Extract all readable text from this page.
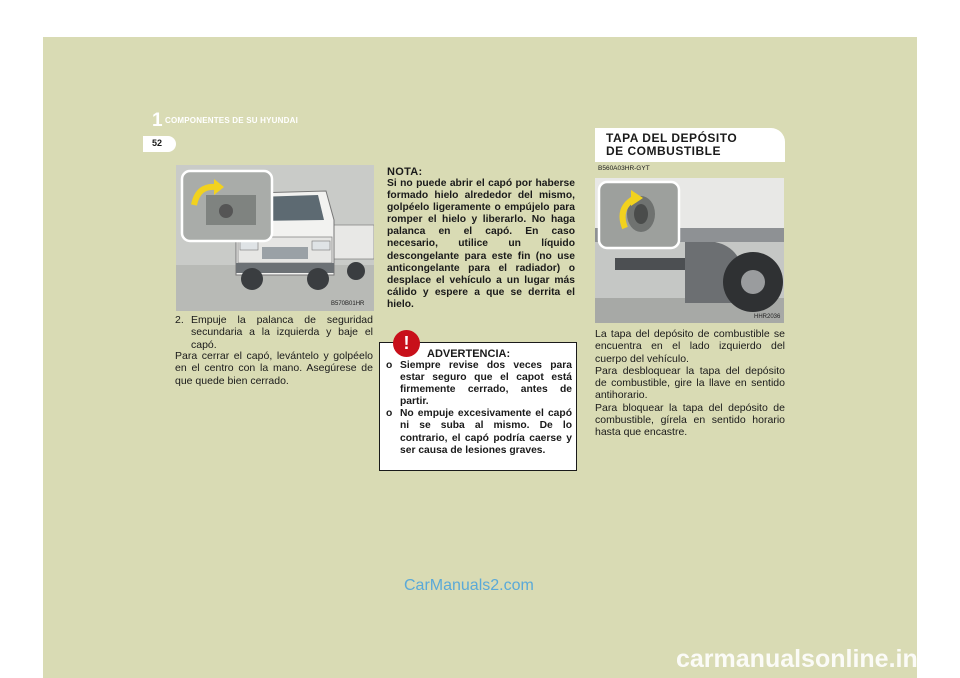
1 COMPONENTES DE SU HYUNDAI
52
B570B01HR
2. Empuje la palanca de seguridad secundaria a la izquierda y baje el capó.
Para cerrar el capó, levántelo y golpéelo en el centro con la mano. Asegúrese de que quede bien cerrado.
NOTA:
Si no puede abrir el capó por haberse formado hielo alrededor del mismo, golpéelo ligeramente o empújelo para romper el hielo y liberarlo. No haga palanca en el capó. En caso necesario, utilice un líquido descongelante para este fin (no use anticongelante para el radiador) o desplace el vehículo a un lugar más cálido y espere a que se derrita el hielo.
!
ADVERTENCIA:
o Siempre revise dos veces para estar seguro que el capot está firmemente cerrado, antes de partir.
o No empuje excesivamente el capó ni se suba al mismo. De lo contrario, el capó podría caerse y ser causa de lesiones graves.
HHR2036
La tapa del depósito de combustible se encuentra en el lado izquierdo del cuerpo del vehículo.
Para desbloquear la tapa del depósito de combustible, gire la llave en sentido antihorario.
Para bloquear la tapa del depósito de combustible, gírela en sentido horario hasta que encastre.
TAPA DEL DEPÓSITO
DE COMBUSTIBLE
B560A03HR-GYT
CarManuals2.com
carmanualsonline.info
